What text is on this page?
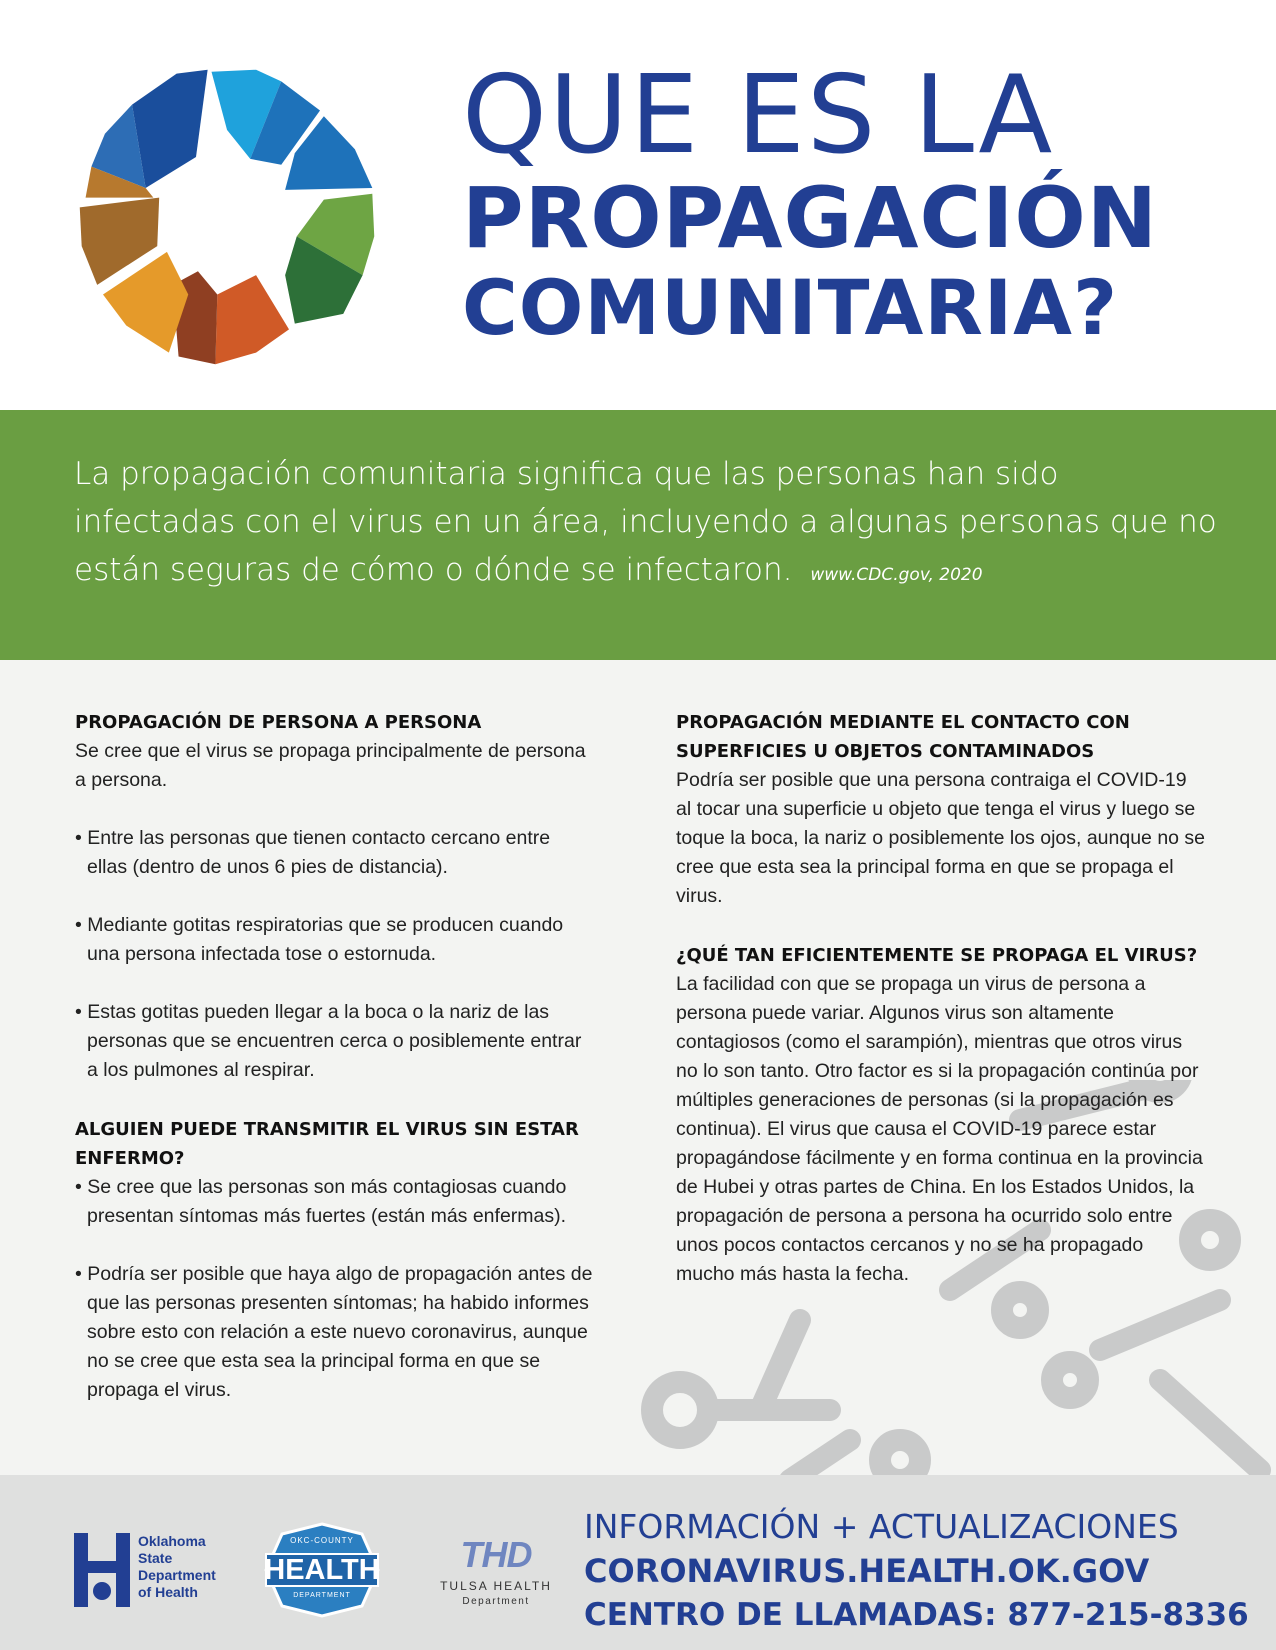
QUE ES LA
PROPAGACIÓN
COMUNITARIA?
La propagación comunitaria significa que las personas han sido infectadas con el virus en un área, incluyendo a algunas personas que no están seguras de cómo o dónde se infectaron. www.CDC.gov, 2020
PROPAGACIÓN DE PERSONA A PERSONA

Se cree que el virus se propaga principalmente de persona a persona.

• Entre las personas que tienen contacto cercano entre ellas (dentro de unos 6 pies de distancia).

• Mediante gotitas respiratorias que se producen cuando una persona infectada tose o estornuda.

• Estas gotitas pueden llegar a la boca o la nariz de las personas que se encuentren cerca o posiblemente entrar a los pulmones al respirar.

ALGUIEN PUEDE TRANSMITIR EL VIRUS SIN ESTAR ENFERMO?

• Se cree que las personas son más contagiosas cuando presentan síntomas más fuertes (están más enfermas).

• Podría ser posible que haya algo de propagación antes de que las personas presenten síntomas; ha habido informes sobre esto con relación a este nuevo coronavirus, aunque no se cree que esta sea la principal forma en que se propaga el virus.

PROPAGACIÓN MEDIANTE EL CONTACTO CON SUPERFICIES U OBJETOS CONTAMINADOS

Podría ser posible que una persona contraiga el COVID-19 al tocar una superficie u objeto que tenga el virus y luego se toque la boca, la nariz o posiblemente los ojos, aunque no se cree que esta sea la principal forma en que se propaga el virus.

¿QUÉ TAN EFICIENTEMENTE SE PROPAGA EL VIRUS?

La facilidad con que se propaga un virus de persona a persona puede variar. Algunos virus son altamente contagiosos (como el sarampión), mientras que otros virus no lo son tanto. Otro factor es si la propagación continúa por múltiples generaciones de personas (si la propagación es continua). El virus que causa el COVID-19 parece estar propagándose fácilmente y en forma continua en la provincia de Hubei y otras partes de China. En los Estados Unidos, la propagación de persona a persona ha ocurrido solo entre unos pocos contactos cercanos y no se ha propagado mucho más hasta la fecha.

Oklahoma
State
Department
of Health
OKC-COUNTY
HEALTH
DEPARTMENT
THD
TULSA HEALTH
Department
INFORMACIÓN + ACTUALIZACIONES
CORONAVIRUS.HEALTH.OK.GOV
CENTRO DE LLAMADAS: 877-215-8336
